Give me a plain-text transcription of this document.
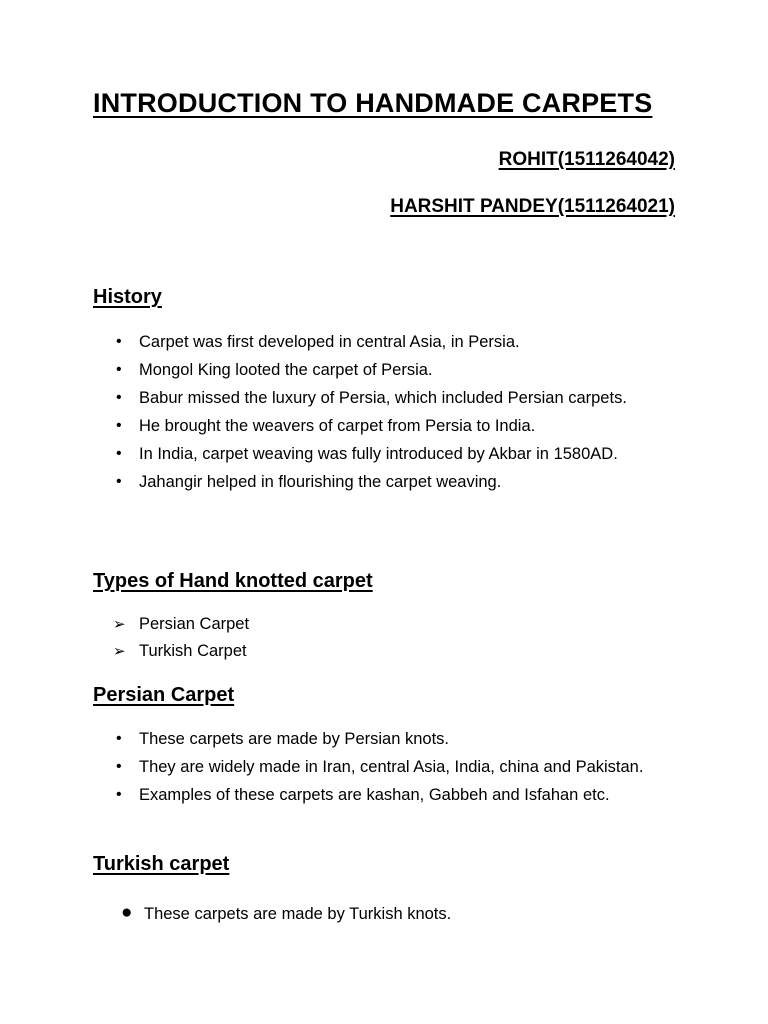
INTRODUCTION TO HANDMADE CARPETS

ROHIT(1511264042)

HARSHIT PANDEY(1511264021)

History
• Carpet was first developed in central Asia, in Persia.
• Mongol King looted the carpet of Persia.
• Babur missed the luxury of Persia, which included Persian carpets.
• He brought the weavers of carpet from Persia to India.
• In India, carpet weaving was fully introduced by Akbar in 1580AD.
• Jahangir helped in flourishing the carpet weaving.
Types of Hand knotted carpet
➢ Persian Carpet
➢ Turkish Carpet
Persian Carpet
• These carpets are made by Persian knots.
• They are widely made in Iran, central Asia, India, china and Pakistan.
• Examples of these carpets are kashan, Gabbeh and Isfahan etc.
Turkish carpet
● These carpets are made by Turkish knots.
